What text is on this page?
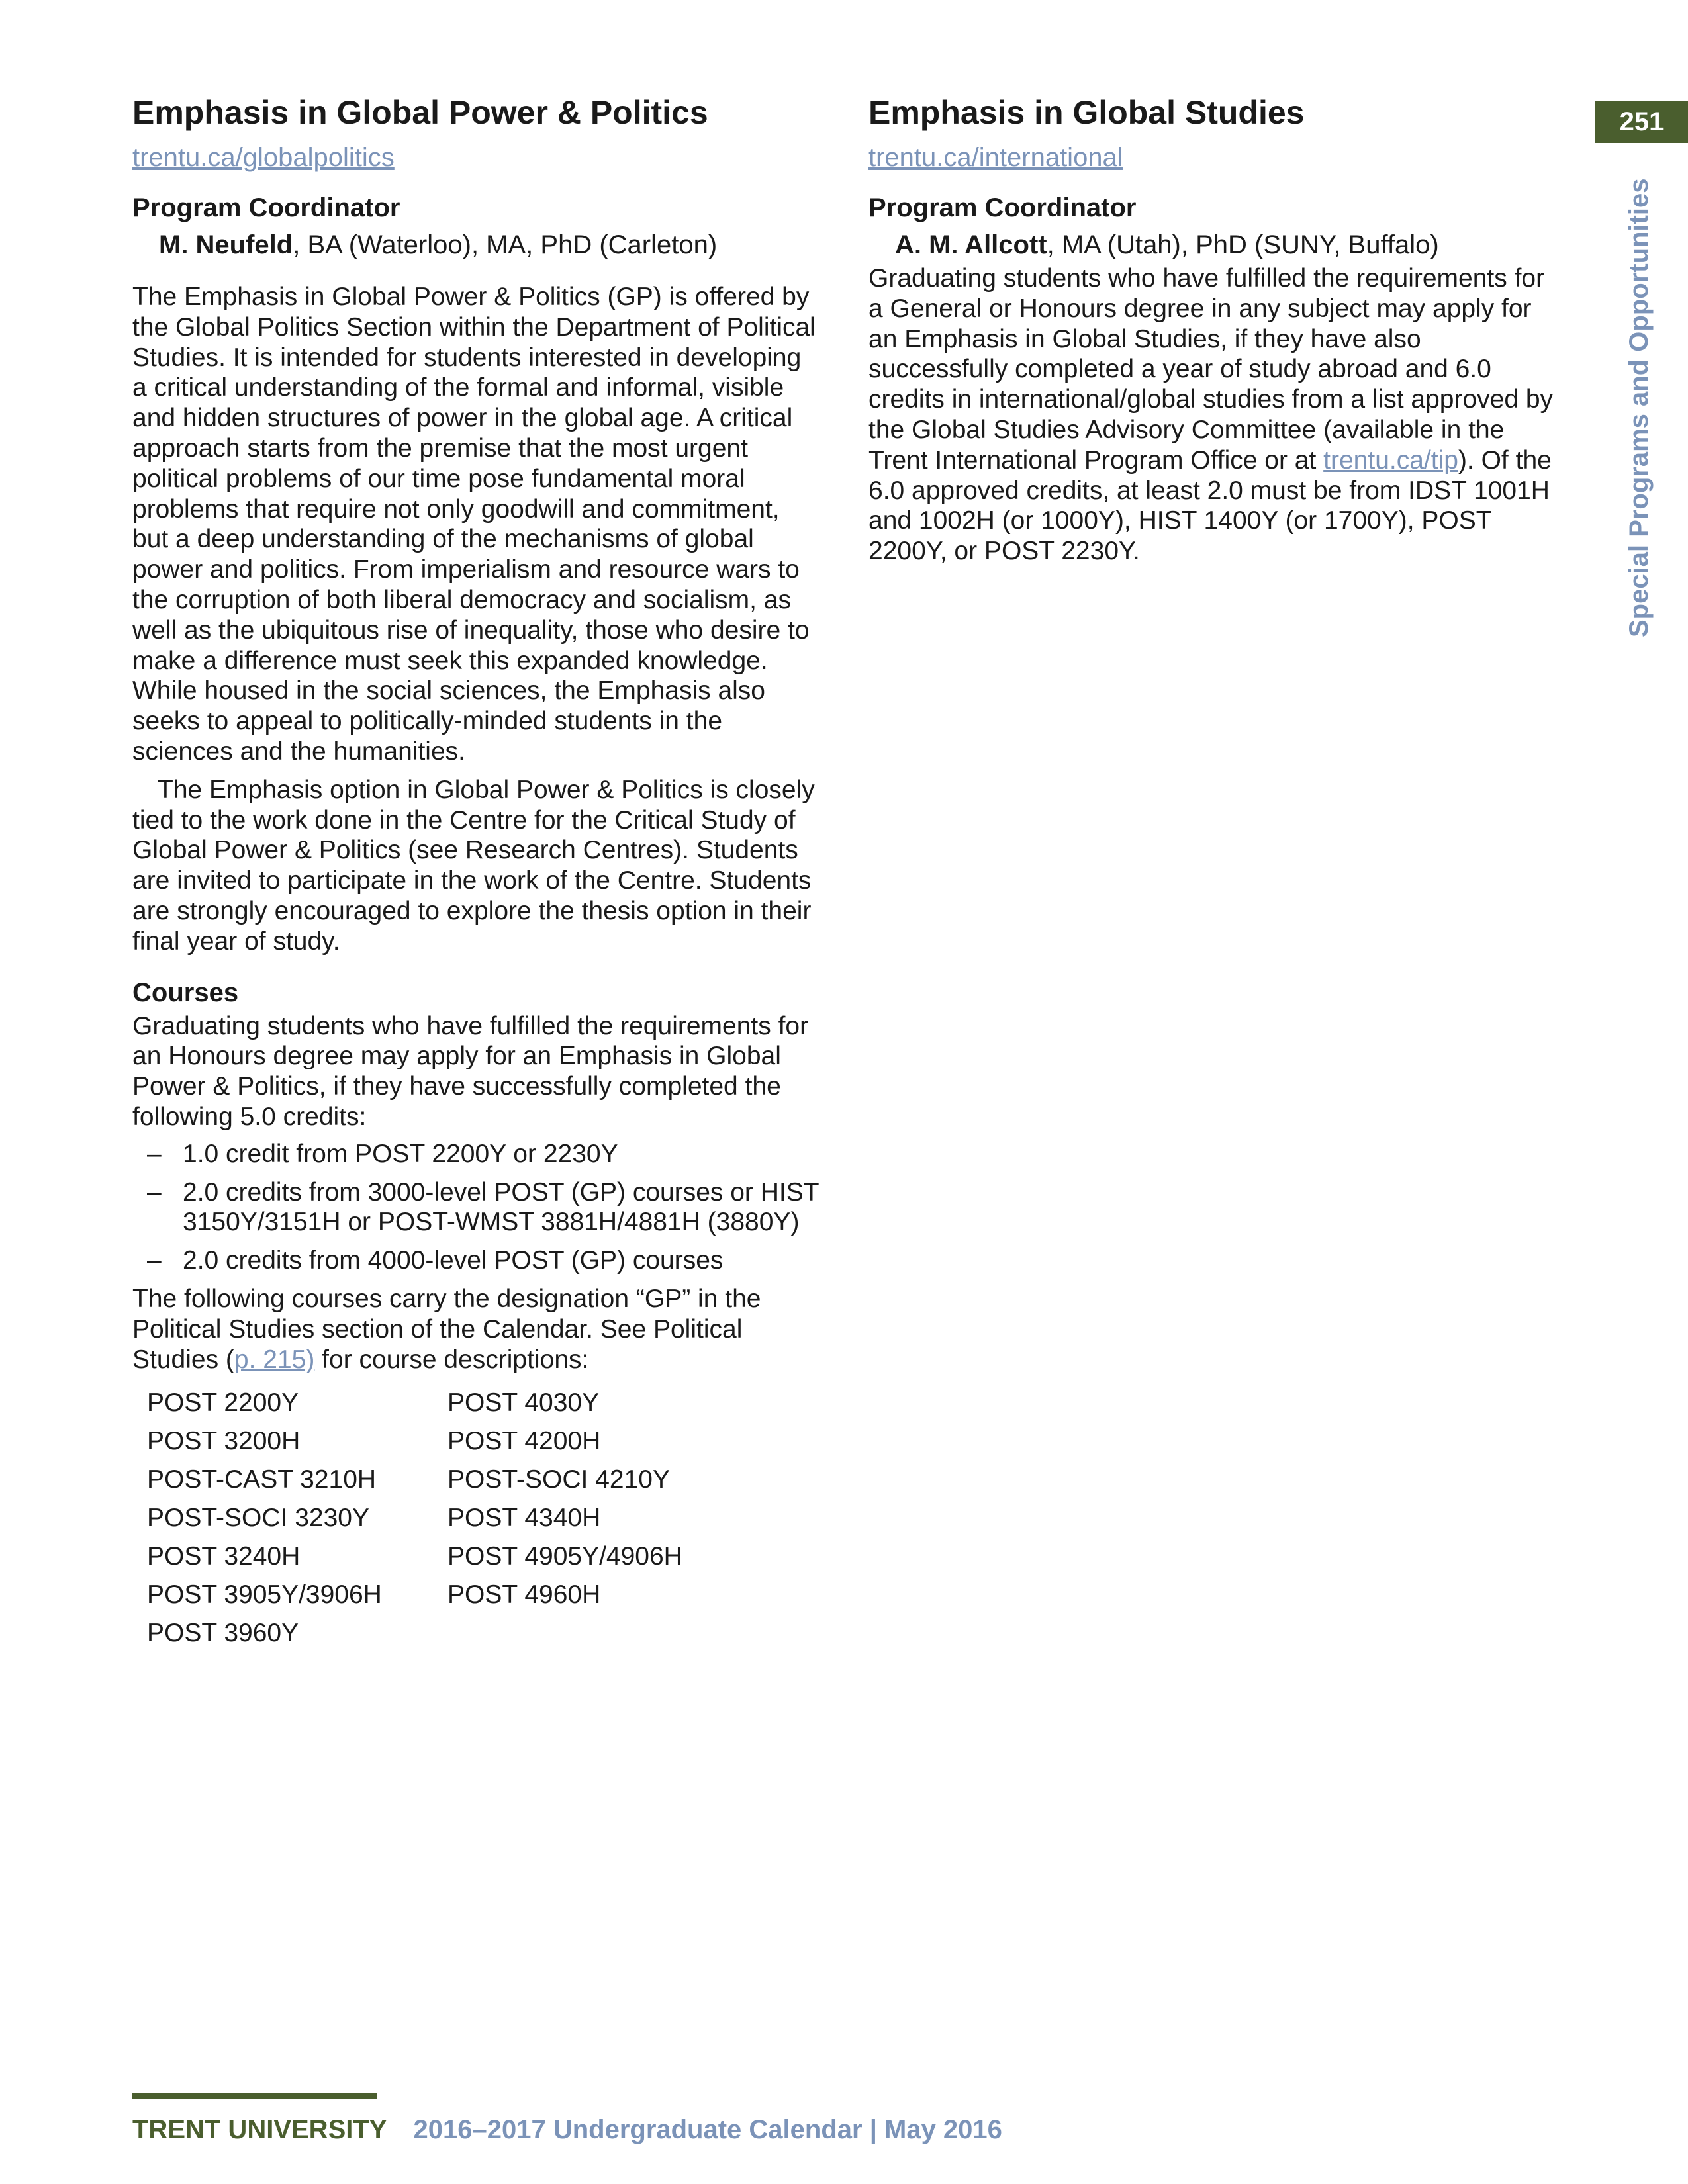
Emphasis in Global Power & Politics
trentu.ca/globalpolitics
Program Coordinator
M. Neufeld, BA (Waterloo), MA, PhD (Carleton)

The Emphasis in Global Power & Politics (GP) is offered by the Global Politics Section within the Department of Political Studies. It is intended for students interested in developing a critical understanding of the formal and informal, visible and hidden structures of power in the global age. A critical approach starts from the premise that the most urgent political problems of our time pose fundamental moral problems that require not only goodwill and commitment, but a deep understanding of the mechanisms of global power and politics. From imperialism and resource wars to the corruption of both liberal democracy and socialism, as well as the ubiquitous rise of inequality, those who desire to make a difference must seek this expanded knowledge. While housed in the social sciences, the Emphasis also seeks to appeal to politically-minded students in the sciences and the humanities.

The Emphasis option in Global Power & Politics is closely tied to the work done in the Centre for the Critical Study of Global Power & Politics (see Research Centres). Students are invited to participate in the work of the Centre. Students are strongly encouraged to explore the thesis option in their final year of study.

Courses

Graduating students who have fulfilled the requirements for an Honours degree may apply for an Emphasis in Global Power & Politics, if they have successfully completed the following 5.0 credits:

– 1.0 credit from POST 2200Y or 2230Y
– 2.0 credits from 3000-level POST (GP) courses or HIST 3150Y/3151H or POST-WMST 3881H/4881H (3880Y)
– 2.0 credits from 4000-level POST (GP) courses

The following courses carry the designation “GP” in the Political Studies section of the Calendar. See Political Studies (p. 215) for course descriptions:

POST 2200Y	POST 4030Y
POST 3200H	POST 4200H
POST-CAST 3210H	POST-SOCI 4210Y
POST-SOCI 3230Y	POST 4340H
POST 3240H	POST 4905Y/4906H
POST 3905Y/3906H	POST 4960H
POST 3960Y
Emphasis in Global Studies
trentu.ca/international
Program Coordinator
A. M. Allcott, MA (Utah), PhD (SUNY, Buffalo)

Graduating students who have fulfilled the requirements for a General or Honours degree in any subject may apply for an Emphasis in Global Studies, if they have also successfully completed a year of study abroad and 6.0 credits in international/global studies from a list approved by the Global Studies Advisory Committee (available in the Trent International Program Office or at trentu.ca/tip). Of the 6.0 approved credits, at least 2.0 must be from IDST 1001H and 1002H (or 1000Y), HIST 1400Y (or 1700Y), POST 2200Y, or POST 2230Y.

251
Special Programs and Opportunities
TRENT UNIVERSITY 2016–2017 Undergraduate Calendar | May 2016
